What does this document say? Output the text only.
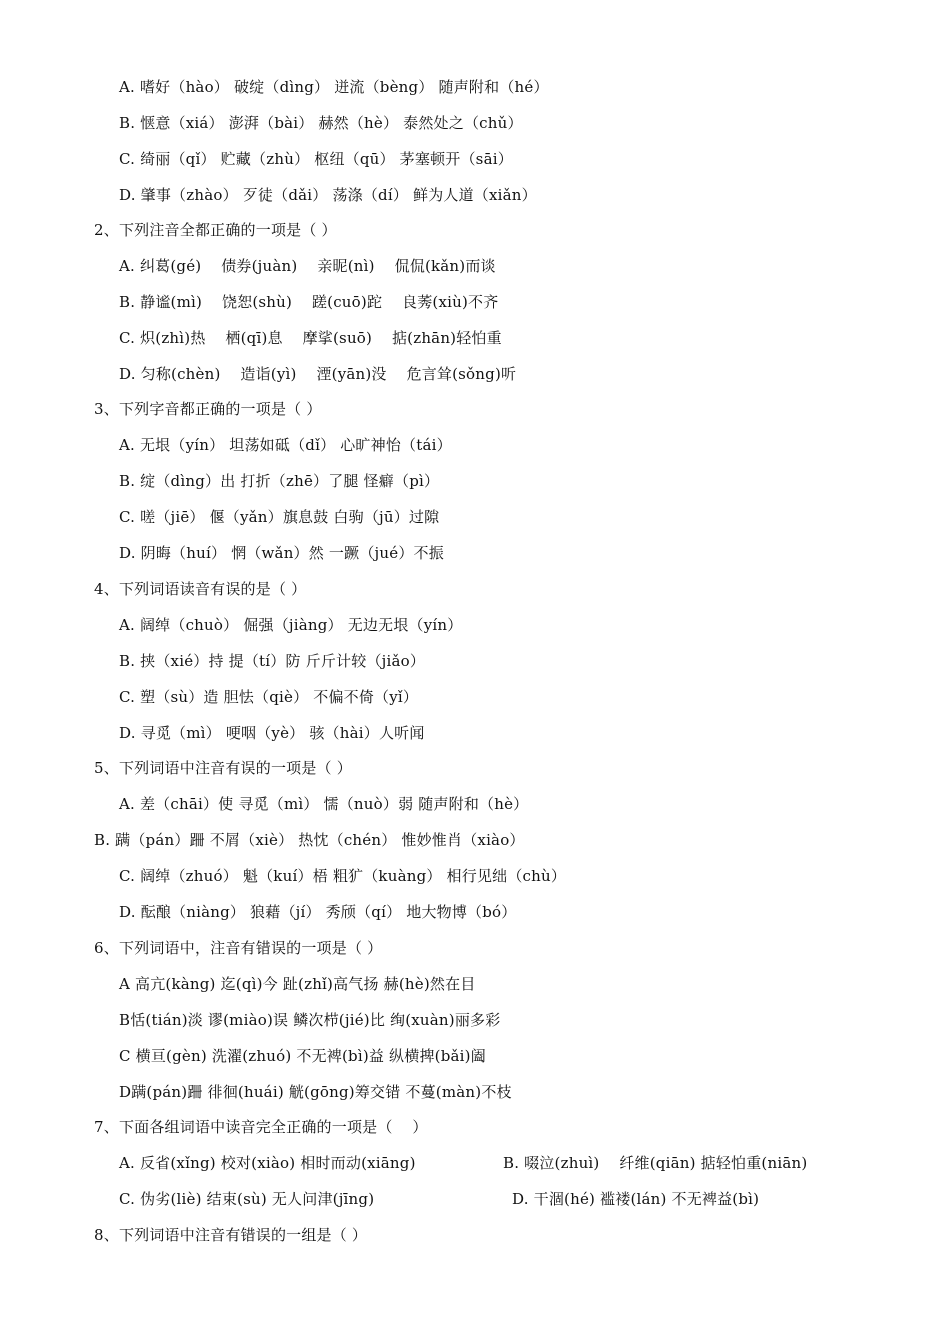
A. 嗜好（hào） 破绽（dìng） 迸流（bèng） 随声附和（hé）
B. 惬意（xiá） 澎湃（bài） 赫然（hè） 泰然处之（chǔ）
C. 绮丽（qǐ） 贮藏（zhù） 枢纽（qū） 茅塞顿开（sāi）
D. 肇事（zhào） 歹徒（dǎi） 荡涤（dí） 鲜为人道（xiǎn）
2、下列注音全都正确的一项是（ ）
A. 纠葛(gé)    债券(juàn)    亲昵(nì)    侃侃(kǎn)而谈
B. 静谧(mì)    饶恕(shù)    蹉(cuō)跎    良莠(xiù)不齐
C. 炽(zhì)热    栖(qī)息    摩挲(suō)    掂(zhān)轻怕重
D. 匀称(chèn)    造诣(yì)    湮(yān)没    危言耸(sǒng)听
3、下列字音都正确的一项是（ ）
A. 无垠（yín） 坦荡如砥（dǐ） 心旷神怡（tái）
B. 绽（dìng）出 打折（zhē）了腿 怪癖（pì）
C. 嗟（jiē） 偃（yǎn）旗息鼓 白驹（jū）过隙
D. 阴晦（huí） 惘（wǎn）然 一蹶（jué）不振
4、下列词语读音有误的是（ ）
A. 阔绰（chuò） 倔强（jiàng） 无边无垠（yín）
B. 挟（xié）持 提（tí）防 斤斤计较（jiǎo）
C. 塑（sù）造 胆怯（qiè） 不偏不倚（yǐ）
D. 寻觅（mì） 哽咽（yè） 骇（hài）人听闻
5、下列词语中注音有误的一项是（ ）
A. 差（chāi）使 寻觅（mì） 懦（nuò）弱 随声附和（hè）
B. 蹒（pán）跚 不屑（xiè） 热忱（chén） 惟妙惟肖（xiào）
C. 阔绰（zhuó） 魁（kuí）梧 粗犷（kuàng） 相行见绌（chù）
D. 酝酿（niàng） 狼藉（jí） 秀颀（qí） 地大物博（bó）
6、下列词语中，注音有错误的一项是（ ）
A 高亢(kàng) 迄(qì)今 趾(zhǐ)高气扬 赫(hè)然在目
B恬(tián)淡 谬(miào)误 鳞次栉(jié)比 绚(xuàn)丽多彩
C 横亘(gèn) 洗濯(zhuó) 不无裨(bì)益 纵横捭(bǎi)阖
D蹒(pán)跚 徘徊(huái) 觥(gōng)筹交错 不蔓(màn)不枝
7、下面各组词语中读音完全正确的一项是（    ）
A. 反省(xǐng) 校对(xiào) 相时而动(xiāng)	B. 啜泣(zhuì)    纤维(qiān) 掂轻怕重(niān)
C. 伪劣(liè) 结束(sù) 无人问津(jīng)	D. 干涸(hé) 褴褛(lán) 不无裨益(bì)
8、下列词语中注音有错误的一组是（ ）
